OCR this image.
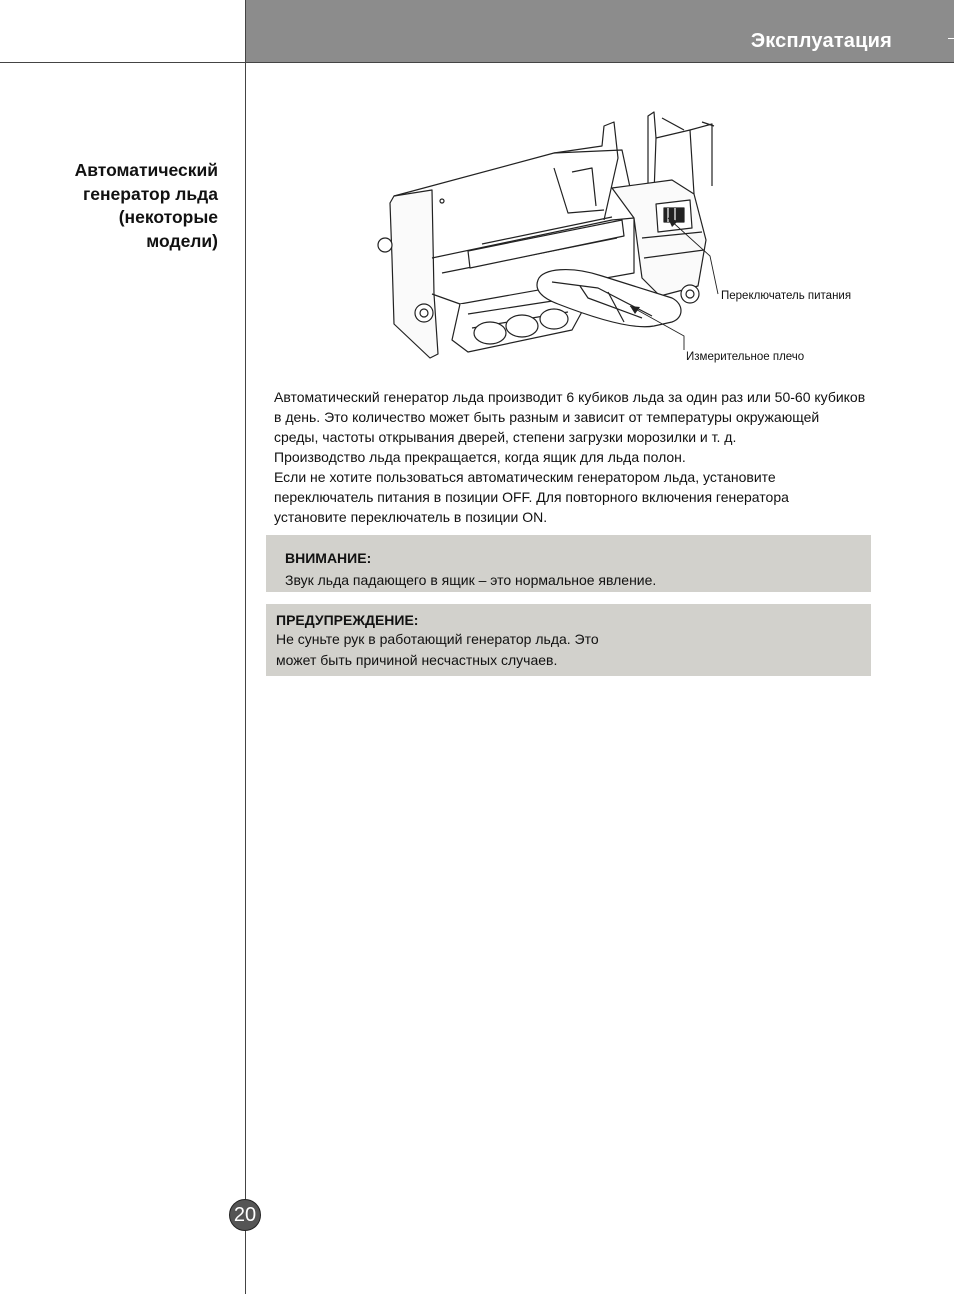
Эксплуатация
Автоматический
генератор льда
(некоторые
модели)
Переключатель питания
Измерительное плечо
Автоматический генератор льда производит 6 кубиков льда за один раз или 50-60 кубиков
в день. Это количество может быть разным и зависит от температуры окружающей
среды, частоты открывания дверей, степени загрузки морозилки и т. д.
Производство льда прекращается, когда ящик для льда полон.
Если не хотите пользоваться автоматическим генератором льда, установите
переключатель питания в позиции OFF. Для повторного включения генератора
установите переключатель в позиции ON.
ВНИМАНИЕ:
Звук льда падающего в ящик – это нормальное явление.
ПРЕДУПРЕЖДЕНИЕ:
Не суньте рук в работающий генератор льда. Это
может быть причиной несчастных случаев.
20
